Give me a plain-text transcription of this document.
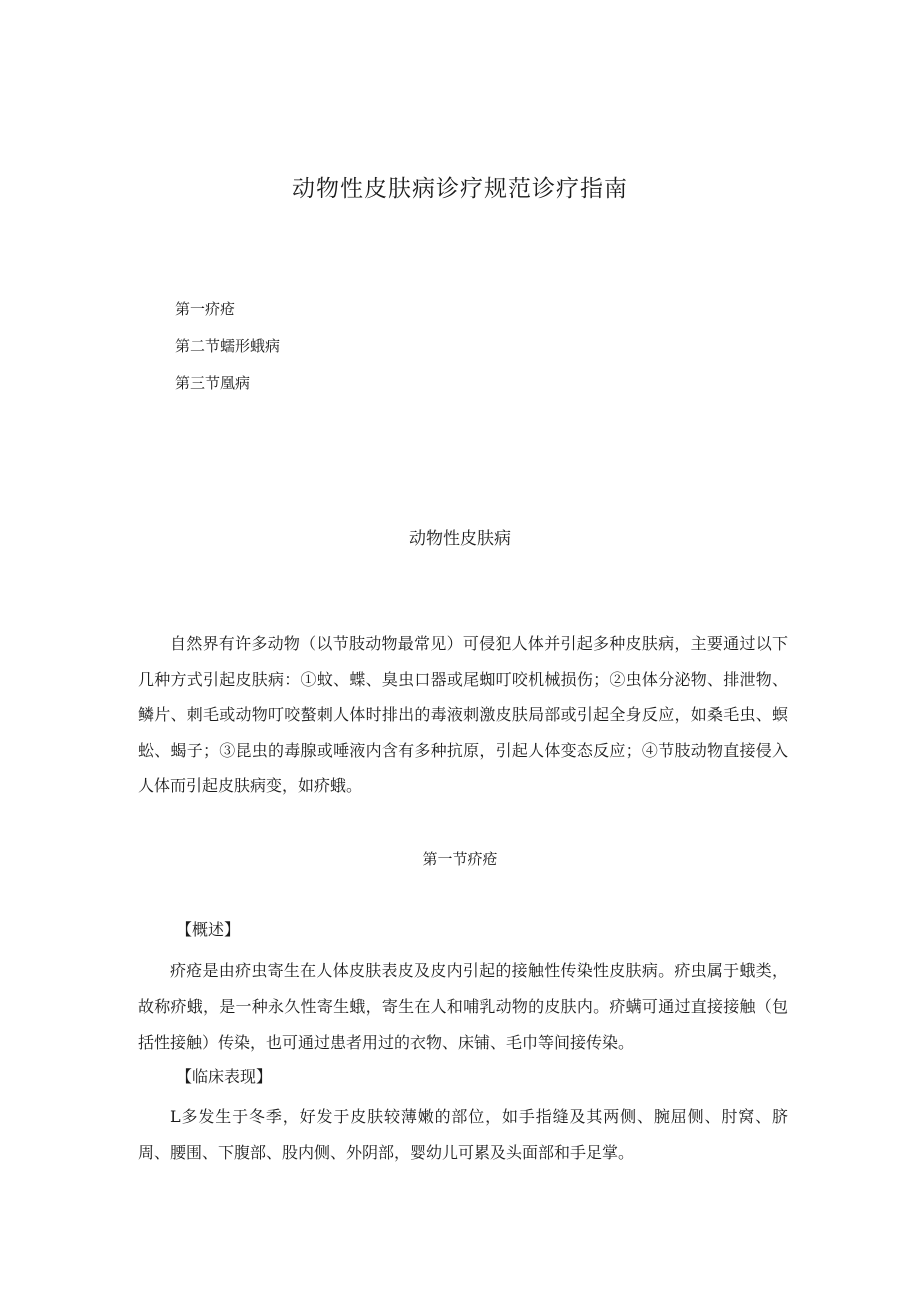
动物性皮肤病诊疗规范诊疗指南
第一疥疮
第二节蠕形蛾病
第三节凰病
动物性皮肤病

自然界有许多动物（以节肢动物最常见）可侵犯人体并引起多种皮肤病，主要通过以下几种方式引起皮肤病：①蚊、蝶、臭虫口器或尾蜘叮咬机械损伤；②虫体分泌物、排泄物、鳞片、刺毛或动物叮咬螯刺人体时排出的毒液刺激皮肤局部或引起全身反应，如桑毛虫、螟蚣、蝎子；③昆虫的毒腺或唾液内含有多种抗原，引起人体变态反应；④节肢动物直接侵入人体而引起皮肤病变，如疥蛾。

第一节疥疮

【概述】

疥疮是由疥虫寄生在人体皮肤表皮及皮内引起的接触性传染性皮肤病。疥虫属于蛾类，故称疥蛾，是一种永久性寄生蛾，寄生在人和哺乳动物的皮肤内。疥螨可通过直接接触（包括性接触）传染，也可通过患者用过的衣物、床铺、毛巾等间接传染。

【临床表现】

L多发生于冬季，好发于皮肤较薄嫩的部位，如手指缝及其两侧、腕屈侧、肘窝、脐周、腰围、下腹部、股内侧、外阴部，婴幼儿可累及头面部和手足掌。
